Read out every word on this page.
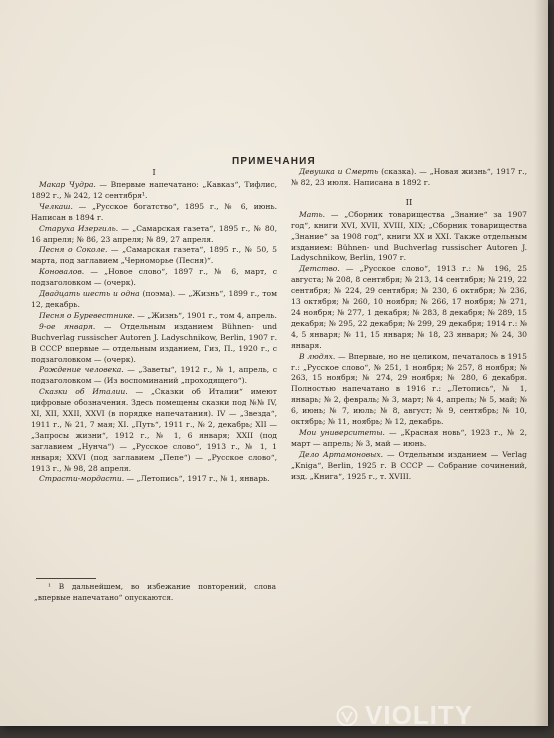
ПРИМЕЧАНИЯ
I

Макар Чудра. — Впервые напечатано: „Кавказ“, Тифлис, 1892 г., № 242, 12 сентября¹.

Челкаш. — „Русское богатство“, 1895 г., № 6, июнь. Написан в 1894 г.

Старуха Изергиль. — „Самарская газета“, 1895 г., № 80, 16 апреля; № 86, 23 апреля; № 89, 27 апреля.

Песня о Соколе. — „Самарская газета“, 1895 г., № 50, 5 марта, под заглавием „Черноморье (Песня)“.

Коновалов. — „Новое слово“, 1897 г., № 6, март, с подзаголовком — (очерк).

Двадцать шесть и одна (поэма). — „Жизнь“, 1899 г., том 12, декабрь.

Песня о Буревестнике. — „Жизнь“, 1901 г., том 4, апрель.

9-ое января. — Отдельным изданием Bühnen- und Buchverlag russischer Autoren J. Ladyschnikow, Berlin, 1907 г. В СССР впервые — отдельным изданием, Гиз, П., 1920 г., с подзаголовком — (очерк).

Рождение человека. — „Заветы“, 1912 г., № 1, апрель, с подзаголовком — (Из воспоминаний „проходящего“).

Сказки об Италии. — „Сказки об Италии“ имеют цифровые обозначения. Здесь помещены сказки под №№ IV, XI, XII, XXII, XXVI (в порядке напечатания). IV — „Звезда“, 1911 г., № 21, 7 мая; XI. „Путь“, 1911 г., № 2, декабрь; XII — „Запросы жизни“, 1912 г., № 1, 6 января; XXII (под заглавием „Нунча“) — „Русское слово“, 1913 г., № 1, 1 января; XXVI (под заглавием „Пепе“) — „Русское слово“, 1913 г., № 98, 28 апреля.

Страсти-мордасти. — „Летопись“, 1917 г., № 1, январь.

Девушка и Смерть (сказка). — „Новая жизнь“, 1917 г., № 82, 23 июля. Написана в 1892 г.

II

Мать. — „Сборник товарищества „Знание“ за 1907 год“, книги XVI, XVII, XVIII, XIX; „Сборник товарищества „Знание“ за 1908 год“, книги XX и XXI. Также отдельным изданием: Bühnen- und Buchverlag russischer Autoren J. Ladyschnikow, Berlin, 1907 г.

Детство. — „Русское слово“, 1913 г.: № 196, 25 августа; № 208, 8 сентября; № 213, 14 сентября; № 219, 22 сентября; № 224, 29 сентября; № 230, 6 октября; № 236, 13 октября; № 260, 10 ноября; № 266, 17 ноября; № 271, 24 ноября; № 277, 1 декабря; № 283, 8 декабря; № 289, 15 декабря; № 295, 22 декабря; № 299, 29 декабря; 1914 г.: № 4, 5 января; № 11, 15 января; № 18, 23 января; № 24, 30 января.

В людях. — Впервые, но не целиком, печаталось в 1915 г.: „Русское слово“, № 251, 1 ноября; № 257, 8 ноября; № 263, 15 ноября; № 274, 29 ноября; № 280, 6 декабря. Полностью напечатано в 1916 г.: „Летопись“, № 1, январь; № 2, февраль; № 3, март; № 4, апрель; № 5, май; № 6, июнь; № 7, июль; № 8, август; № 9, сентябрь; № 10, октябрь; № 11, ноябрь; № 12, декабрь.

Мои университеты. — „Красная новь“, 1923 г., № 2, март — апрель; № 3, май — июнь.

Дело Артамоновых. — Отдельным изданием — Verlag „Kniga“, Berlin, 1925 г. В СССР — Собрание сочинений, изд. „Книга“, 1925 г., т. XVIII.

¹ В дальнейшем, во избежание повторений, слова „впервые напечатано“ опускаются.
VIOLITY
